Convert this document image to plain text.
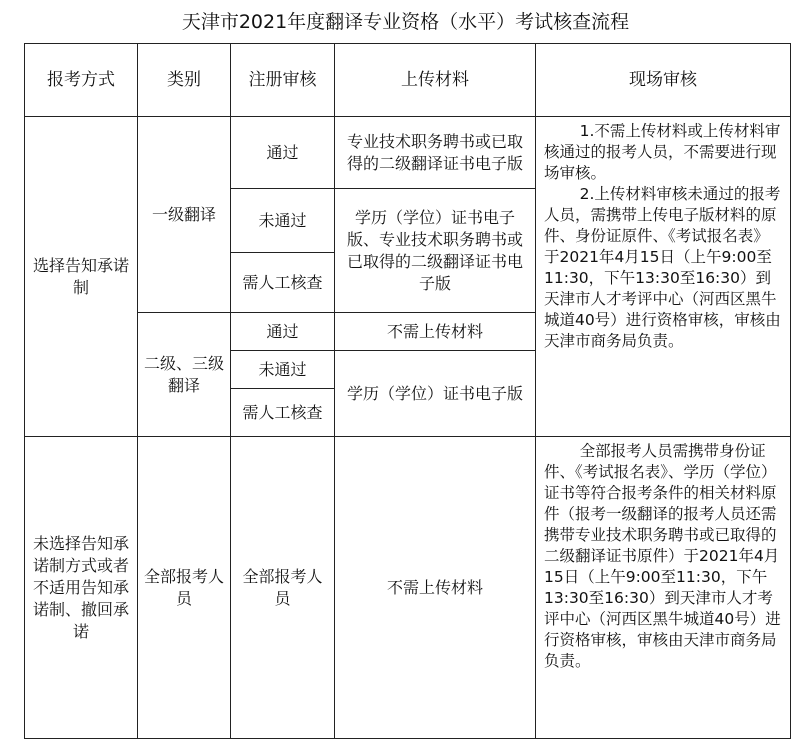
天津市2021年度翻译专业资格（水平）考试核查流程
报考方式	类别	注册审核	上传材料	现场审核
选择告知承诺制	一级翻译	通过	专业技术职务聘书或已取得的二级翻译证书电子版	1.不需上传材料或上传材料审核通过的报考人员，不需要进行现场审核。

2.上传材料审核未通过的报考人员，需携带上传电子版材料的原件、身份证原件、《考试报名表》于2021年4月15日（上午9:00至11:30，下午13:30至16:30）到天津市人才考评中心（河西区黑牛城道40号）进行资格审核，审核由天津市商务局负责。

		未通过	学历（学位）证书电子版、专业技术职务聘书或已取得的二级翻译证书电子版	
		需人工核查		
	二级、三级翻译	通过	不需上传材料	
		未通过	学历（学位）证书电子版	
		需人工核查		
未选择告知承诺制方式或者不适用告知承诺制、撤回承诺	全部报考人员	全部报考人员	不需上传材料	全部报考人员需携带身份证件、《考试报名表》、学历（学位）证书等符合报考条件的相关材料原件（报考一级翻译的报考人员还需携带专业技术职务聘书或已取得的二级翻译证书原件）于2021年4月15日（上午9:00至11:30，下午13:30至16:30）到天津市人才考评中心（河西区黑牛城道40号）进行资格审核，审核由天津市商务局负责。
